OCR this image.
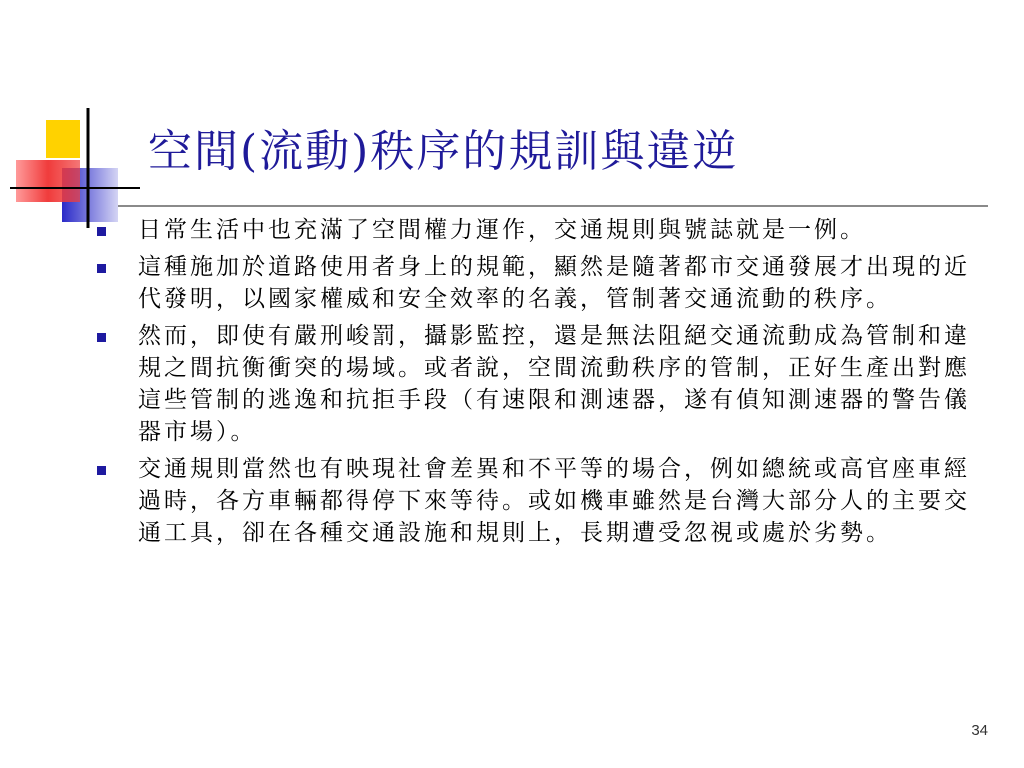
空間(流動)秩序的規訓與違逆
日常生活中也充滿了空間權力運作，交通規則與號誌就是一例。
這種施加於道路使用者身上的規範，顯然是隨著都市交通發展才出現的近代發明，以國家權威和安全效率的名義，管制著交通流動的秩序。
然而，即使有嚴刑峻罰，攝影監控，還是無法阻絕交通流動成為管制和違規之間抗衡衝突的場域。或者說，空間流動秩序的管制，正好生產出對應這些管制的逃逸和抗拒手段（有速限和測速器，遂有偵知測速器的警告儀器市場）。
交通規則當然也有映現社會差異和不平等的場合，例如總統或高官座車經過時，各方車輛都得停下來等待。或如機車雖然是台灣大部分人的主要交通工具，卻在各種交通設施和規則上，長期遭受忽視或處於劣勢。
34
